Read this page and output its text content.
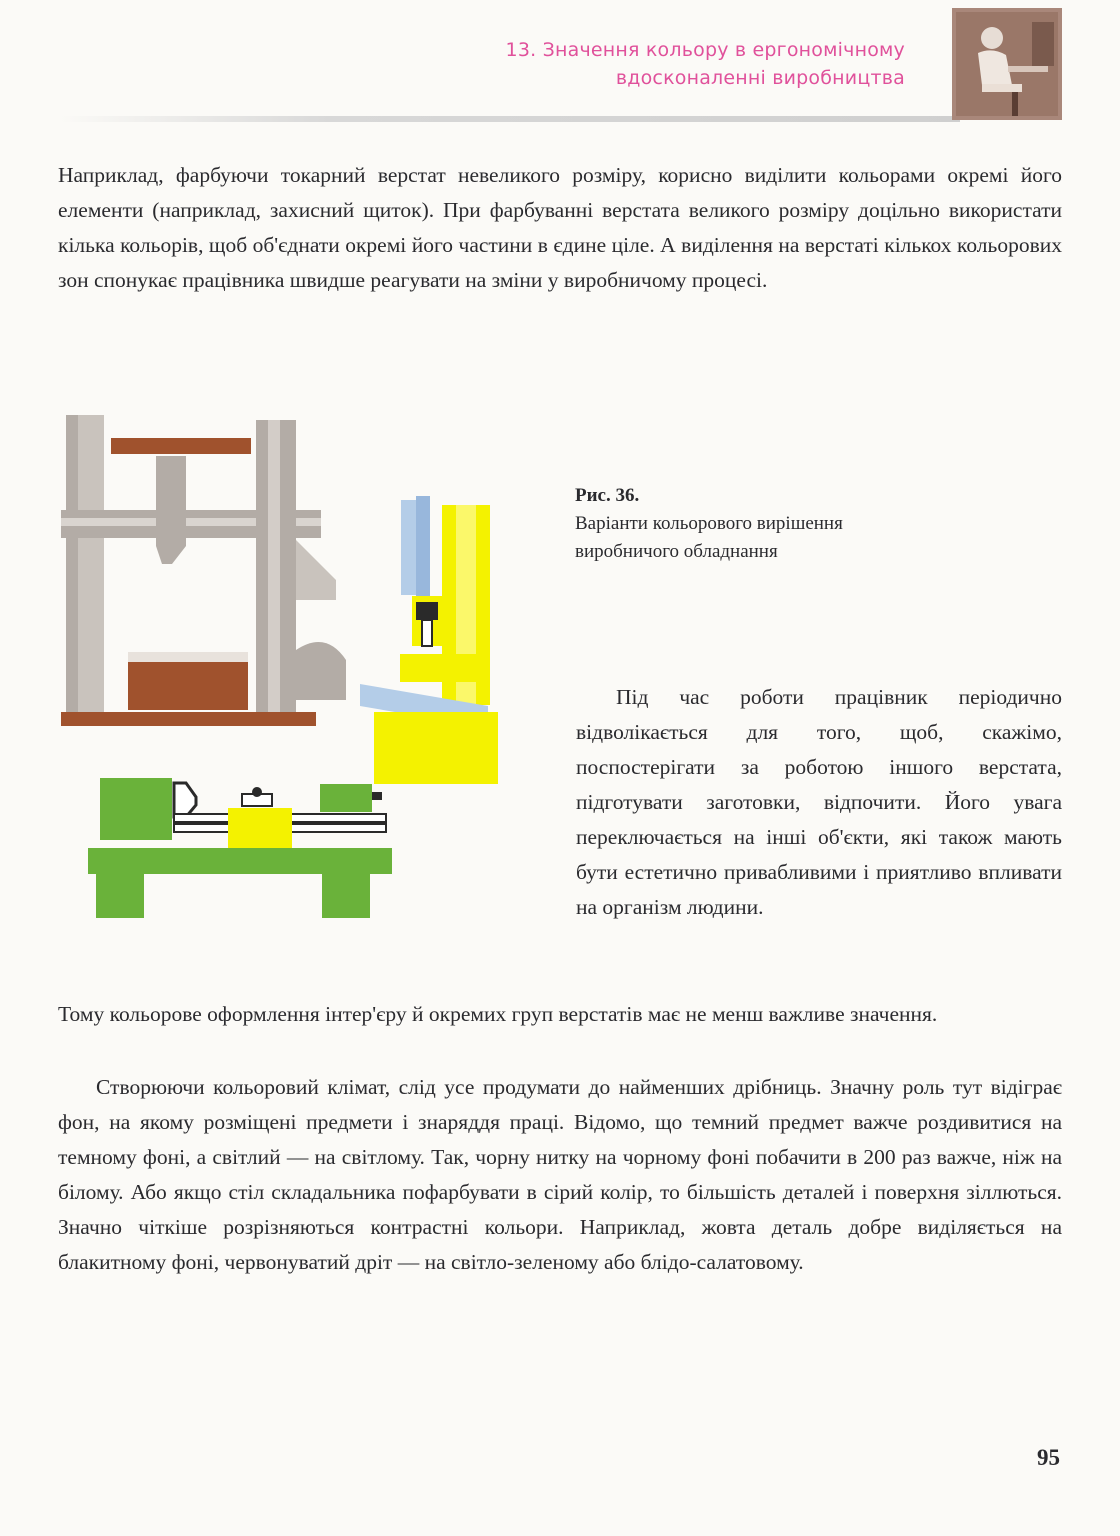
13. Значення кольору в ергономічному
вдосконаленні виробництва

Наприклад, фарбуючи токарний верстат невеликого розміру, корисно виділити кольорами окремі його елементи (наприклад, захисний щиток). При фарбуванні верстата великого розміру доцільно використати кілька кольорів, щоб об'єднати окремі його частини в єдине ціле. А виділення на верстаті кількох кольорових зон спонукає працівника швидше реагувати на зміни у виробничому процесі.

Рис. 36.
Варіанти кольорового вирішення
виробничого обладнання

Під час роботи працівник періодично відволікається для того, щоб, скажімо, поспостерігати за роботою іншого верстата, підготувати заготовки, відпочити. Його увага переключається на інші об'єкти, які також мають бути естетично привабливими і приятливо впливати на організм людини.

Тому кольорове оформлення інтер'єру й окремих груп верстатів має не менш важливе значення.

Створюючи кольоровий клімат, слід усе продумати до найменших дрібниць. Значну роль тут відіграє фон, на якому розміщені предмети і знаряддя праці. Відомо, що темний предмет важче роздивитися на темному фоні, а світлий — на світлому. Так, чорну нитку на чорному фоні побачити в 200 раз важче, ніж на білому. Або якщо стіл складальника пофарбувати в сірий колір, то більшість деталей і поверхня зіллються. Значно чіткіше розрізняються контрастні кольори. Наприклад, жовта деталь добре виділяється на блакитному фоні, червонуватий дріт — на світло-зеленому або блідо-салатовому.

95
